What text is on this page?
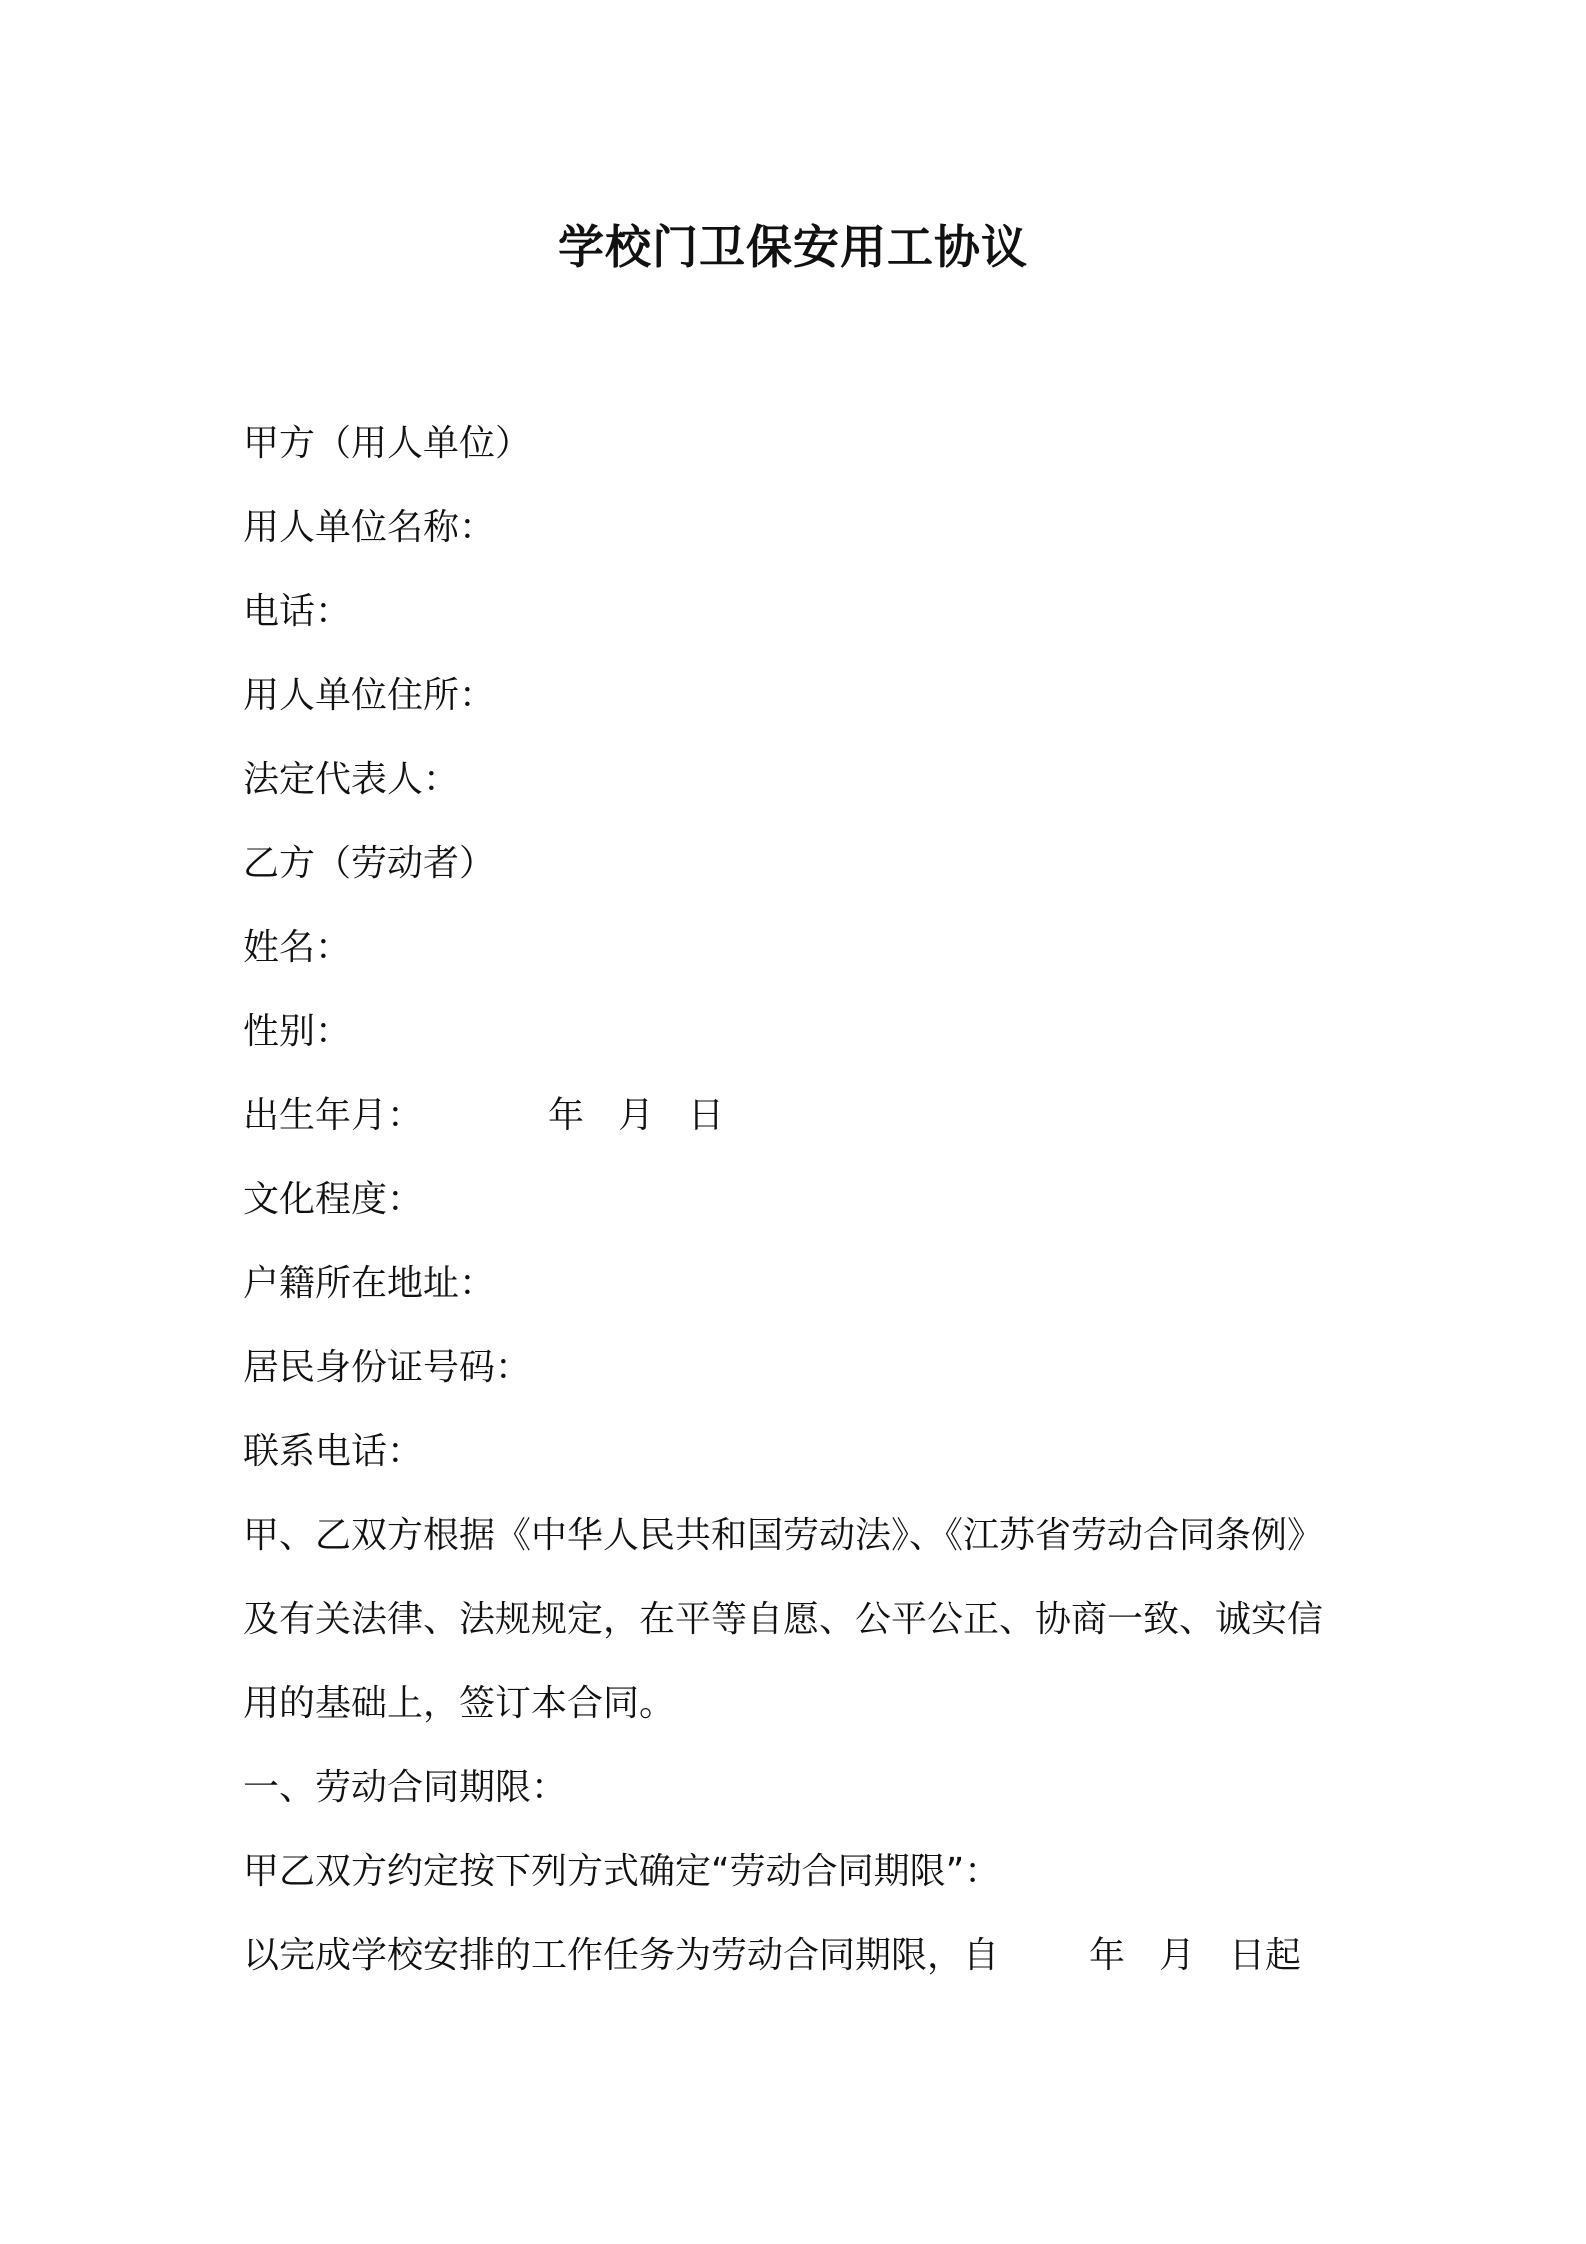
学校门卫保安用工协议
甲方（用人单位）
用人单位名称：
电话：
用人单位住所：
法定代表人：
乙方（劳动者）
姓名：
性别：
出生年月：	年 月 日
文化程度：
户籍所在地址：
居民身份证号码：
联系电话：
甲、乙双方根据《中华人民共和国劳动法》、《江苏省劳动合同条例》
及有关法律、法规规定，在平等自愿、公平公正、协商一致、诚实信
用的基础上，签订本合同。
一、劳动合同期限：
甲乙双方约定按下列方式确定“劳动合同期限”：
以完成学校安排的工作任务为劳动合同期限，自	年 月 日起
